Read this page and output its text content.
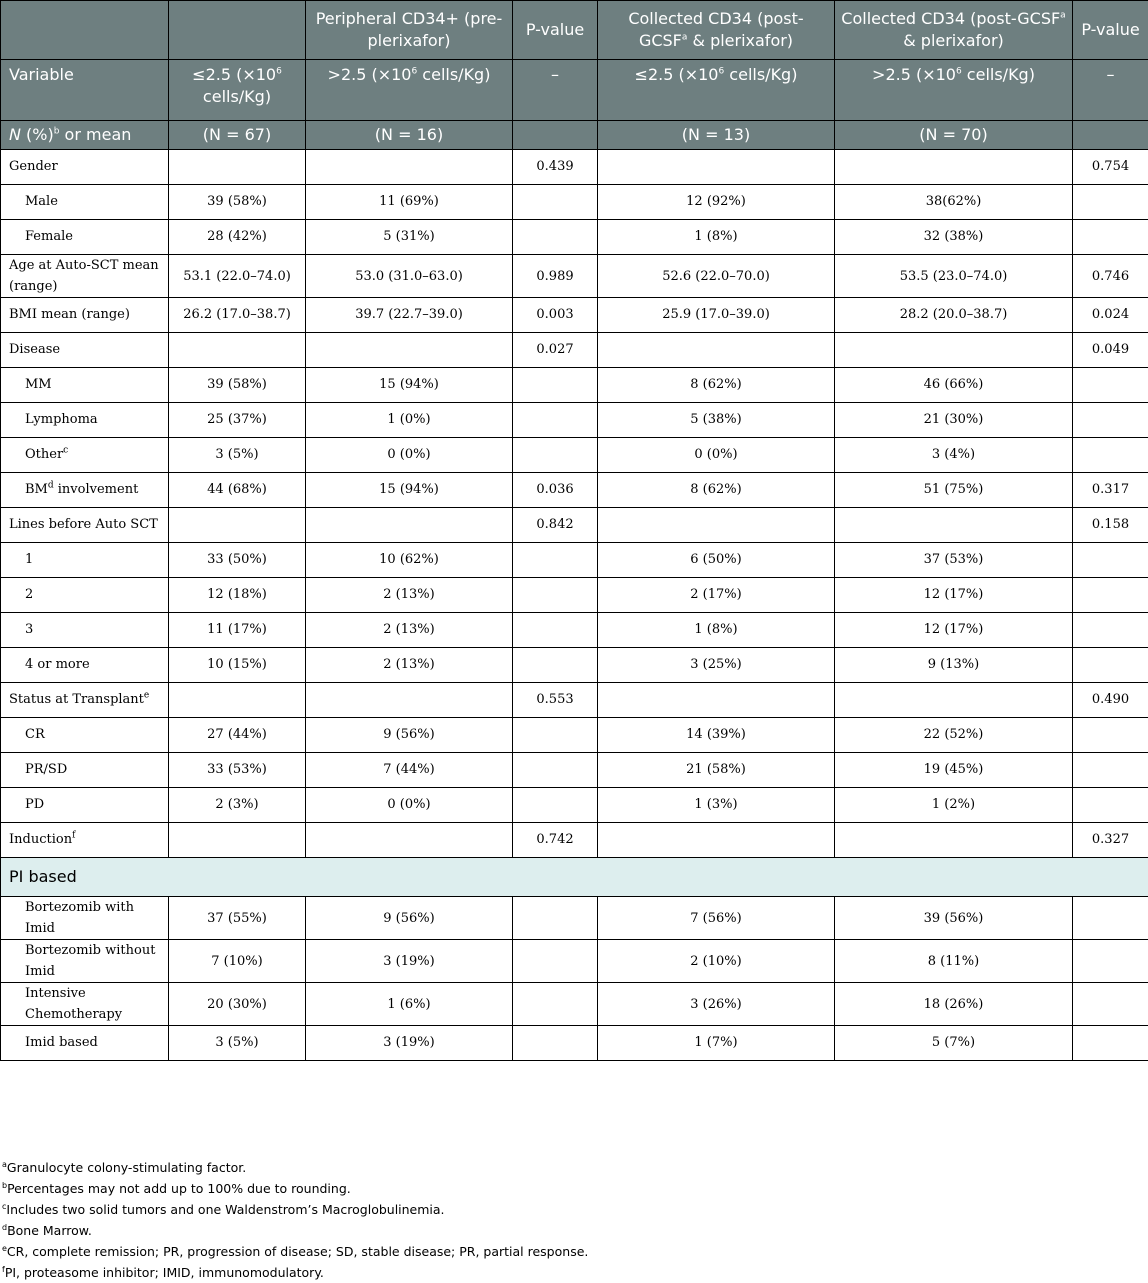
		Peripheral CD34+ (pre-plerixafor)	P-value	Collected CD34 (post-GCSF$^a$ & plerixafor)	Collected CD34 (post-GCSF$^a$ & plerixafor)	P-value
Variable	≤2.5 ($\times 10^6$ cells/Kg)	>2.5 ($\times 10^6$ cells/Kg)	–	≤2.5 ($\times 10^6$ cells/Kg)	>2.5 ($\times 10^6$ cells/Kg)	–
N (%)$^b$ or mean	(N = 67)	(N = 16)		(N = 13)	(N = 70)	
Gender			0.439			0.754
Male	39 (58%)	11 (69%)		12 (92%)	38(62%)	
Female	28 (42%)	5 (31%)		1 (8%)	32 (38%)	
Age at Auto-SCT mean (range)	53.1 (22.0–74.0)	53.0 (31.0–63.0)	0.989	52.6 (22.0–70.0)	53.5 (23.0–74.0)	0.746
BMI mean (range)	26.2 (17.0–38.7)	39.7 (22.7–39.0)	0.003	25.9 (17.0–39.0)	28.2 (20.0–38.7)	0.024
Disease			0.027			0.049
MM	39 (58%)	15 (94%)		8 (62%)	46 (66%)	
Lymphoma	25 (37%)	1 (0%)		5 (38%)	21 (30%)	
Other$^c$	3 (5%)	0 (0%)		0 (0%)	3 (4%)	
$BM^d$ involvement	44 (68%)	15 (94%)	0.036	8 (62%)	51 (75%)	0.317
Lines before Auto SCT			0.842			0.158
1	33 (50%)	10 (62%)		6 (50%)	37 (53%)	
2	12 (18%)	2 (13%)		2 (17%)	12 (17%)	
3	11 (17%)	2 (13%)		1 (8%)	12 (17%)	
4 or more	10 (15%)	2 (13%)		3 (25%)	9 (13%)	
Status at Transplant$^e$			0.553			0.490
CR	27 (44%)	9 (56%)		14 (39%)	22 (52%)	
PR/SD	33 (53%)	7 (44%)		21 (58%)	19 (45%)	
PD	2 (3%)	0 (0%)		1 (3%)	1 (2%)	
Induction$^f$			0.742			0.327
PI based						
Bortezomib with Imid	37 (55%)	9 (56%)		7 (56%)	39 (56%)	
Bortezomib without Imid	7 (10%)	3 (19%)		2 (10%)	8 (11%)	
Intensive Chemotherapy	20 (30%)	1 (6%)		3 (26%)	18 (26%)	
Imid based	3 (5%)	3 (19%)		1 (7%)	5 (7%)	
$^a$Granulocyte colony-stimulating factor.
$^b$Percentages may not add up to 100% due to rounding.
$^c$Includes two solid tumors and one Waldenstrom’s Macroglobulinemia.
$^d$Bone Marrow.
$^e$CR, complete remission; PR, progression of disease; SD, stable disease; PR, partial response.
$^f$PI, proteasome inhibitor; IMID, immunomodulatory.
